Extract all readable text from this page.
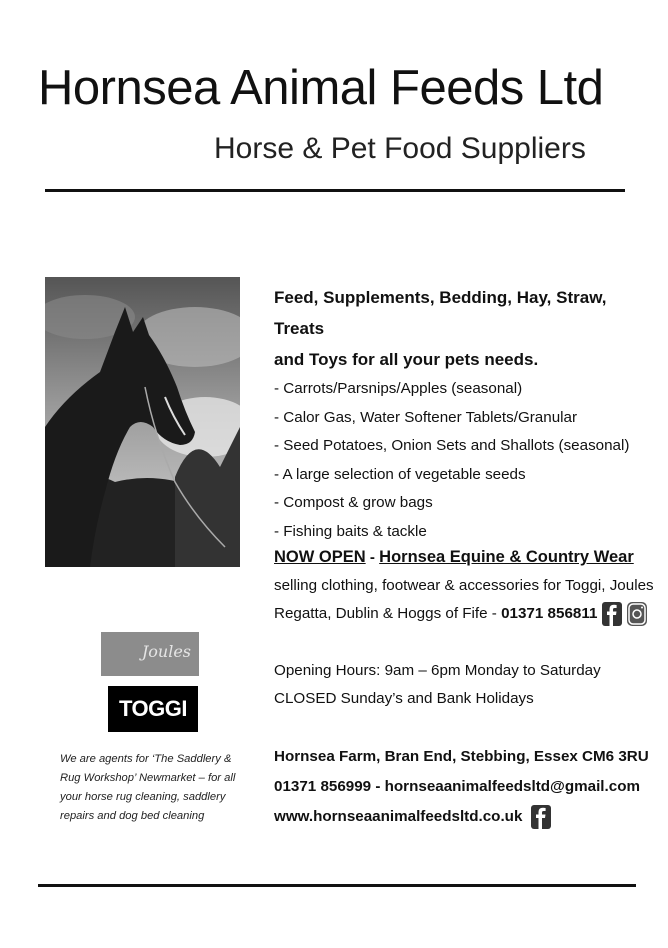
Hornsea Animal Feeds Ltd
Horse & Pet Food Suppliers
Feed, Supplements, Bedding, Hay, Straw, Treats
and Toys for all your pets needs.
- Carrots/Parsnips/Apples (seasonal)
- Calor Gas, Water Softener Tablets/Granular
- Seed Potatoes, Onion Sets and Shallots (seasonal)
- A large selection of vegetable seeds
- Compost & grow bags
- Fishing baits & tackle
NOW OPEN - Hornsea Equine & Country Wear
selling clothing, footwear & accessories for Toggi, Joules
Regatta, Dublin & Hoggs of Fife - 01371 856811
Opening Hours: 9am – 6pm Monday to Saturday
CLOSED Sunday’s and Bank Holidays
Hornsea Farm, Bran End, Stebbing, Essex CM6 3RU
01371 856999 - hornseaanimalfeedsltd@gmail.com
www.hornseaanimalfeedsltd.co.uk
Joules
TOGGI
We are agents for ‘The Saddlery & Rug Workshop’ Newmarket – for all your horse rug cleaning, saddlery repairs and dog bed cleaning
